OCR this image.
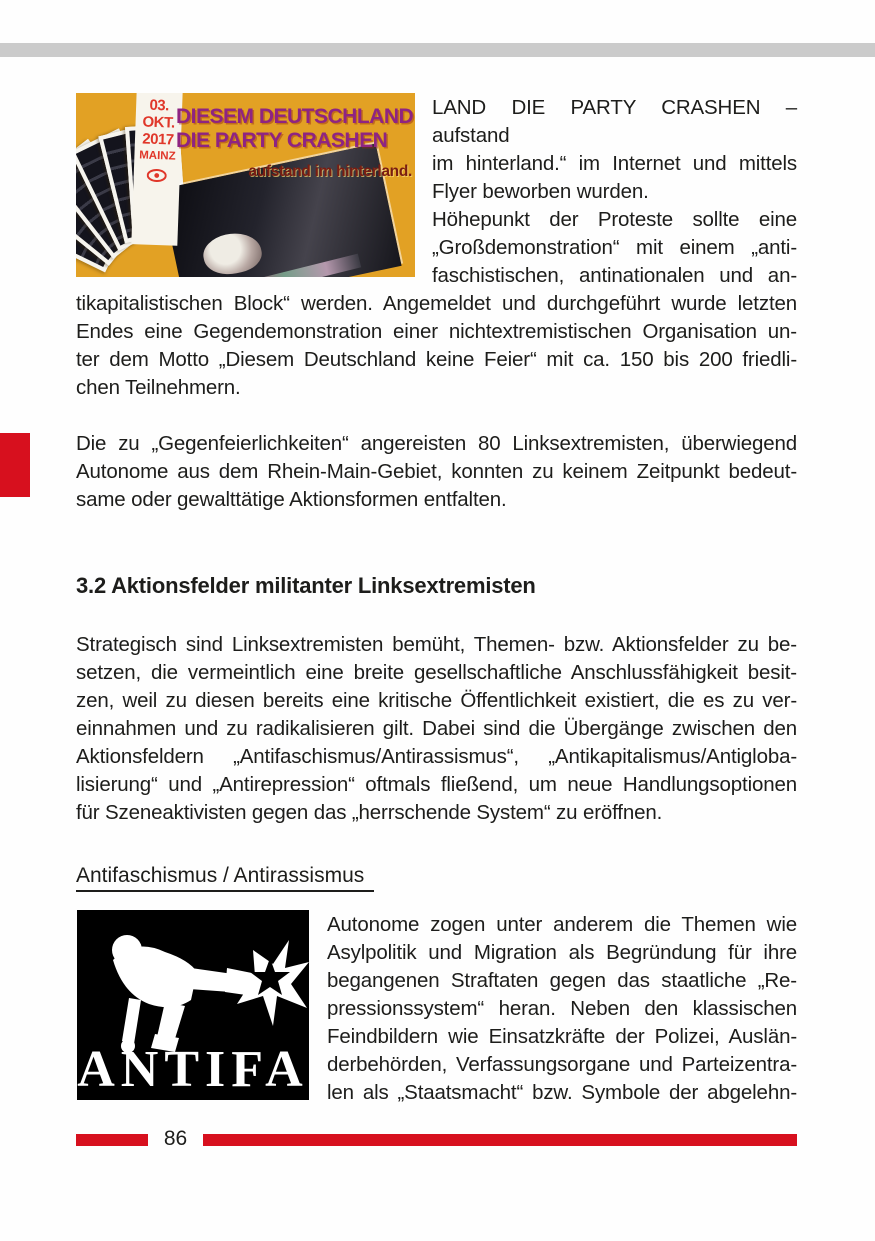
03.
OKT.
2017
MAINZ
DIESEM DEUTSCHLAND
DIE PARTY CRASHEN
aufstand im hinterland.
LAND DIE PARTY CRASHEN – aufstand
im hinterland.“ im Internet und mittels
Flyer beworben wurden.
Höhepunkt der Proteste sollte eine
„Großdemonstration“ mit einem „anti-
faschistischen, antinationalen und an-
tikapitalistischen Block“ werden. Angemeldet und durchgeführt wurde letzten
Endes eine Gegendemonstration einer nichtextremistischen Organisation un-
ter dem Motto „Diesem Deutschland keine Feier“ mit ca. 150 bis 200 friedli-
chen Teilnehmern.
Die zu „Gegenfeierlichkeiten“ angereisten 80 Linksextremisten, überwiegend
Autonome aus dem Rhein-Main-Gebiet, konnten zu keinem Zeitpunkt bedeut-
same oder gewalttätige Aktionsformen entfalten.
3.2 Aktionsfelder militanter Linksextremisten
Strategisch sind Linksextremisten bemüht, Themen- bzw. Aktionsfelder zu be-
setzen, die vermeintlich eine breite gesellschaftliche Anschlussfähigkeit besit-
zen, weil zu diesen bereits eine kritische Öffentlichkeit existiert, die es zu ver-
einnahmen und zu radikalisieren gilt. Dabei sind die Übergänge zwischen den
Aktionsfeldern „Antifaschismus/Antirassismus“, „Antikapitalismus/Antigloba-
lisierung“ und „Antirepression“ oftmals fließend, um neue Handlungsoptionen
für Szeneaktivisten gegen das „herrschende System“ zu eröffnen.
Antifaschismus / Antirassismus
ANTIFA
Autonome zogen unter anderem die Themen wie
Asylpolitik und Migration als Begründung für ihre
begangenen Straftaten gegen das staatliche „Re-
pressionssystem“ heran. Neben den klassischen
Feindbildern wie Einsatzkräfte der Polizei, Auslän-
derbehörden, Verfassungsorgane und Parteizentra-
len als „Staatsmacht“ bzw. Symbole der abgelehn-
86
